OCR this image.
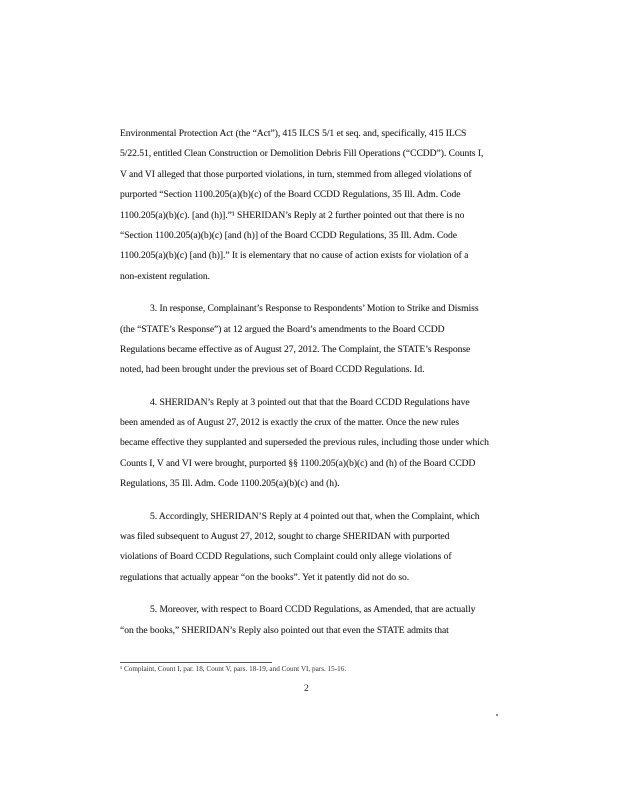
Environmental Protection Act (the “Act”), 415 ILCS 5/1 et seq. and, specifically, 415 ILCS
5/22.51, entitled Clean Construction or Demolition Debris Fill Operations (“CCDD”). Counts I,
V and VI alleged that those purported violations, in turn, stemmed from alleged violations of
purported “Section 1100.205(a)(b)(c) of the Board CCDD Regulations, 35 Ill. Adm. Code
1100.205(a)(b)(c). [and (h)].”¹ SHERIDAN’s Reply at 2 further pointed out that there is no
“Section 1100.205(a)(b)(c) [and (h)] of the Board CCDD Regulations, 35 Ill. Adm. Code
1100.205(a)(b)(c) [and (h)].” It is elementary that no cause of action exists for violation of a
non-existent regulation.
3. In response, Complainant’s Response to Respondents’ Motion to Strike and Dismiss
(the “STATE’s Response”) at 12 argued the Board’s amendments to the Board CCDD
Regulations became effective as of August 27, 2012. The Complaint, the STATE’s Response
noted, had been brought under the previous set of Board CCDD Regulations. Id.
4. SHERIDAN’s Reply at 3 pointed out that that the Board CCDD Regulations have
been amended as of August 27, 2012 is exactly the crux of the matter. Once the new rules
became effective they supplanted and superseded the previous rules, including those under which
Counts I, V and VI were brought, purported §§ 1100.205(a)(b)(c) and (h) of the Board CCDD
Regulations, 35 Ill. Adm. Code 1100.205(a)(b)(c) and (h).
5. Accordingly, SHERIDAN’S Reply at 4 pointed out that, when the Complaint, which
was filed subsequent to August 27, 2012, sought to charge SHERIDAN with purported
violations of Board CCDD Regulations, such Complaint could only allege violations of
regulations that actually appear “on the books”. Yet it patently did not do so.
5. Moreover, with respect to Board CCDD Regulations, as Amended, that are actually
“on the books,” SHERIDAN’s Reply also pointed out that even the STATE admits that
¹ Complaint, Count I, par. 18, Count V, pars. 18-19, and Count VI, pars. 15-16.
2
